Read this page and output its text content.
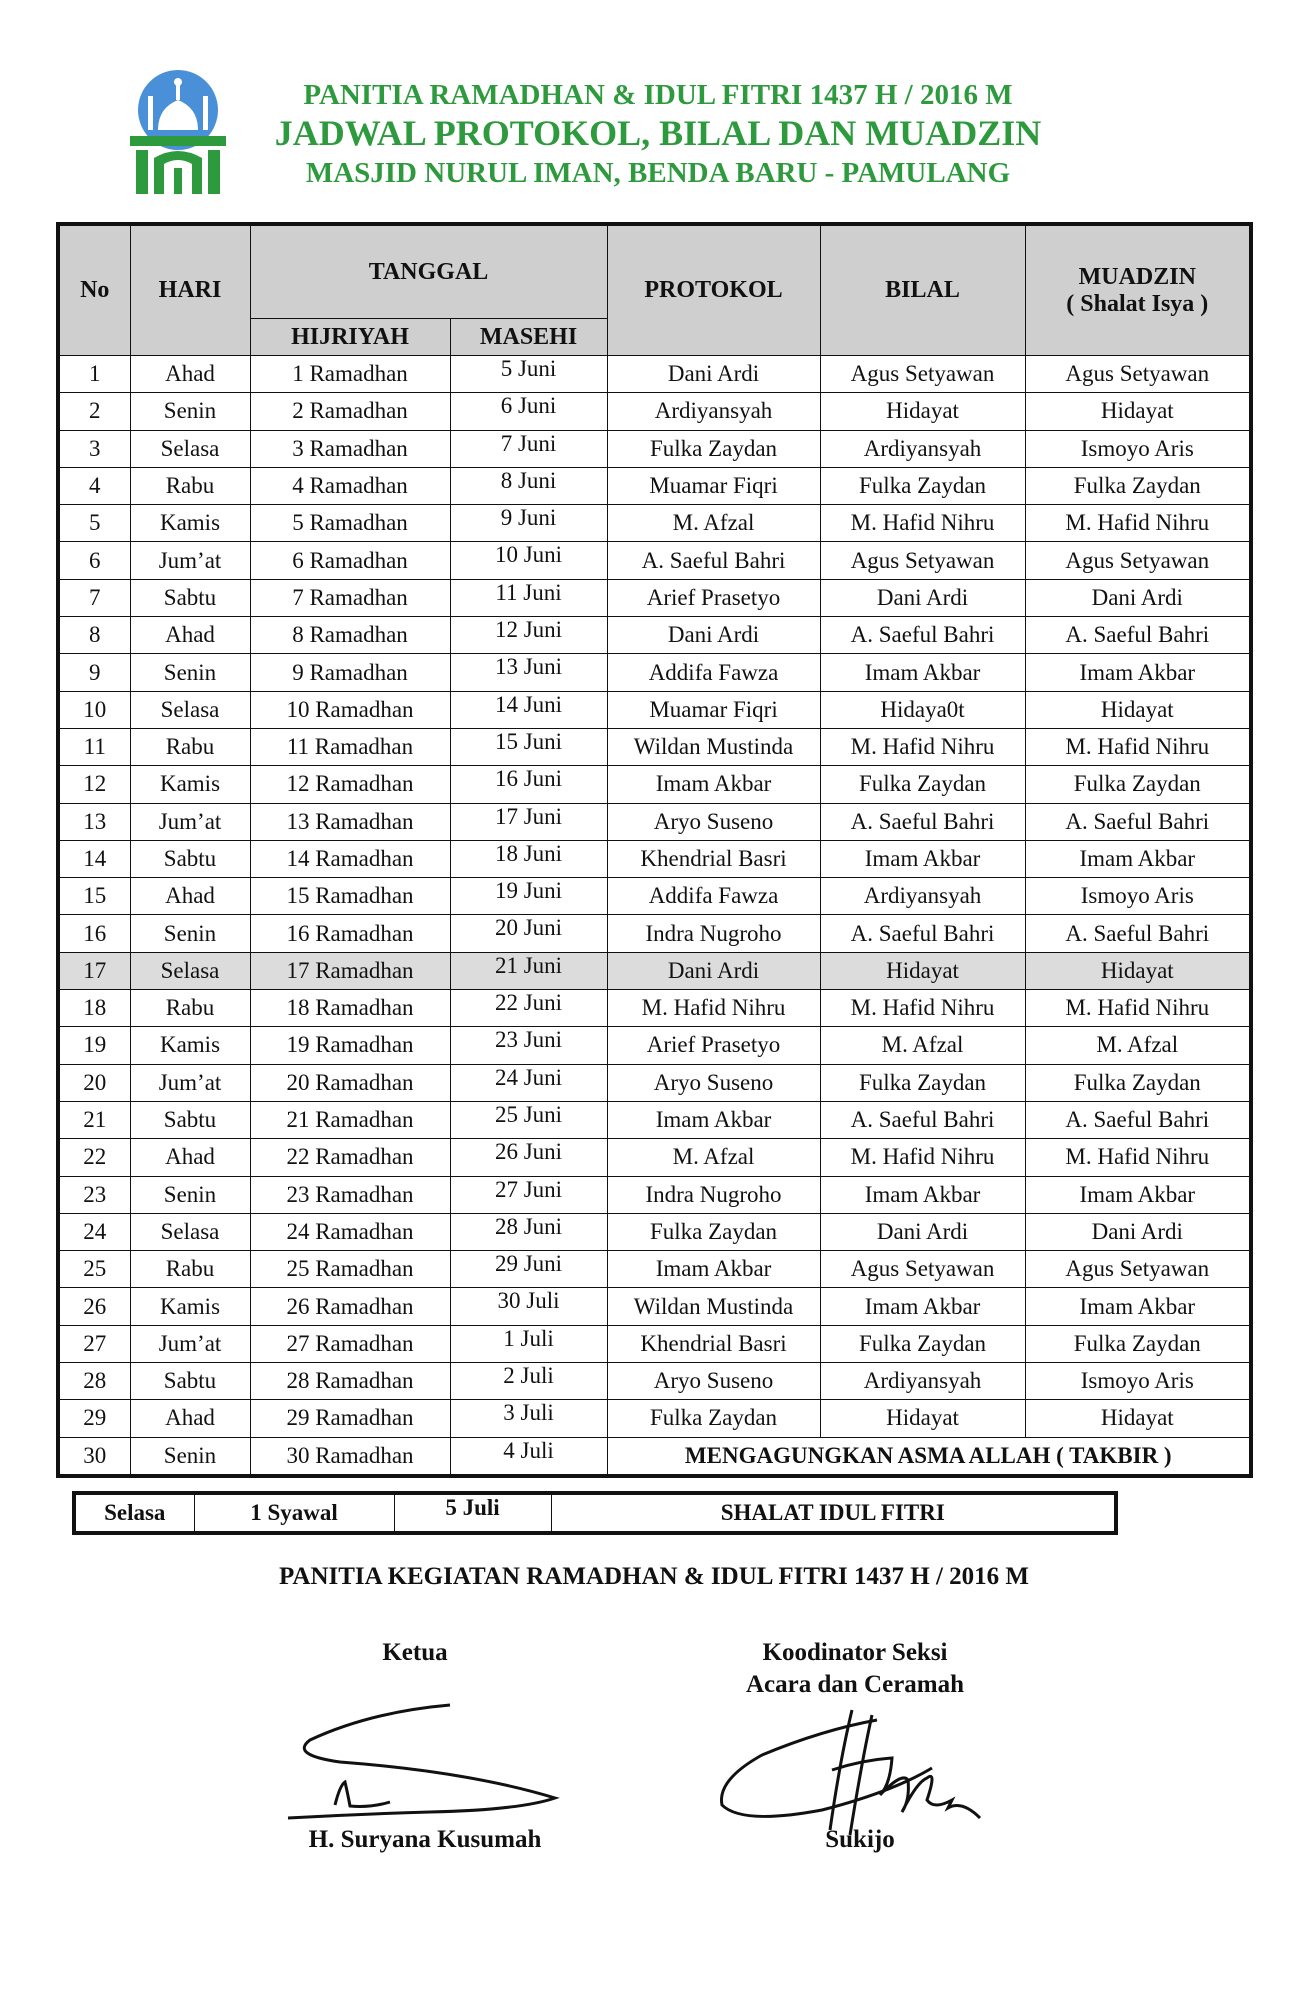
PANITIA RAMADHAN & IDUL FITRI 1437 H / 2016 M
JADWAL PROTOKOL, BILAL DAN MUADZIN
MASJID NURUL IMAN, BENDA BARU - PAMULANG
No	HARI	TANGGAL		PROTOKOL	BILAL	MUADZIN
( Shalat Isya )

		HIJRIYAH	MASEHI			
1	Ahad	1 Ramadhan	5 Juni	Dani Ardi	Agus Setyawan	Agus Setyawan
2	Senin	2 Ramadhan	6 Juni	Ardiyansyah	Hidayat	Hidayat
3	Selasa	3 Ramadhan	7 Juni	Fulka Zaydan	Ardiyansyah	Ismoyo Aris
4	Rabu	4 Ramadhan	8 Juni	Muamar Fiqri	Fulka Zaydan	Fulka Zaydan
5	Kamis	5 Ramadhan	9 Juni	M. Afzal	M. Hafid Nihru	M. Hafid Nihru
6	Jum’at	6 Ramadhan	10 Juni	A. Saeful Bahri	Agus Setyawan	Agus Setyawan
7	Sabtu	7 Ramadhan	11 Juni	Arief Prasetyo	Dani Ardi	Dani Ardi
8	Ahad	8 Ramadhan	12 Juni	Dani Ardi	A. Saeful Bahri	A. Saeful Bahri
9	Senin	9 Ramadhan	13 Juni	Addifa Fawza	Imam Akbar	Imam Akbar
10	Selasa	10 Ramadhan	14 Juni	Muamar Fiqri	Hidaya0t	Hidayat
11	Rabu	11 Ramadhan	15 Juni	Wildan Mustinda	M. Hafid Nihru	M. Hafid Nihru
12	Kamis	12 Ramadhan	16 Juni	Imam Akbar	Fulka Zaydan	Fulka Zaydan
13	Jum’at	13 Ramadhan	17 Juni	Aryo Suseno	A. Saeful Bahri	A. Saeful Bahri
14	Sabtu	14 Ramadhan	18 Juni	Khendrial Basri	Imam Akbar	Imam Akbar
15	Ahad	15 Ramadhan	19 Juni	Addifa Fawza	Ardiyansyah	Ismoyo Aris
16	Senin	16 Ramadhan	20 Juni	Indra Nugroho	A. Saeful Bahri	A. Saeful Bahri
17	Selasa	17 Ramadhan	21 Juni	Dani Ardi	Hidayat	Hidayat
18	Rabu	18 Ramadhan	22 Juni	M. Hafid Nihru	M. Hafid Nihru	M. Hafid Nihru
19	Kamis	19 Ramadhan	23 Juni	Arief Prasetyo	M. Afzal	M. Afzal
20	Jum’at	20 Ramadhan	24 Juni	Aryo Suseno	Fulka Zaydan	Fulka Zaydan
21	Sabtu	21 Ramadhan	25 Juni	Imam Akbar	A. Saeful Bahri	A. Saeful Bahri
22	Ahad	22 Ramadhan	26 Juni	M. Afzal	M. Hafid Nihru	M. Hafid Nihru
23	Senin	23 Ramadhan	27 Juni	Indra Nugroho	Imam Akbar	Imam Akbar
24	Selasa	24 Ramadhan	28 Juni	Fulka Zaydan	Dani Ardi	Dani Ardi
25	Rabu	25 Ramadhan	29 Juni	Imam Akbar	Agus Setyawan	Agus Setyawan
26	Kamis	26 Ramadhan	30 Juli	Wildan Mustinda	Imam Akbar	Imam Akbar
27	Jum’at	27 Ramadhan	1 Juli	Khendrial Basri	Fulka Zaydan	Fulka Zaydan
28	Sabtu	28 Ramadhan	2 Juli	Aryo Suseno	Ardiyansyah	Ismoyo Aris
29	Ahad	29 Ramadhan	3 Juli	Fulka Zaydan	Hidayat	Hidayat
30	Senin	30 Ramadhan	4 Juli	MENGAGUNGKAN ASMA ALLAH ( TAKBIR )		
Selasa	1 Syawal	5 Juli	SHALAT IDUL FITRI
PANITIA KEGIATAN RAMADHAN & IDUL FITRI 1437 H / 2016 M
Ketua	Koodinator Seksi
Acara dan Ceramah
H. Suryana Kusumah	Sukijo
